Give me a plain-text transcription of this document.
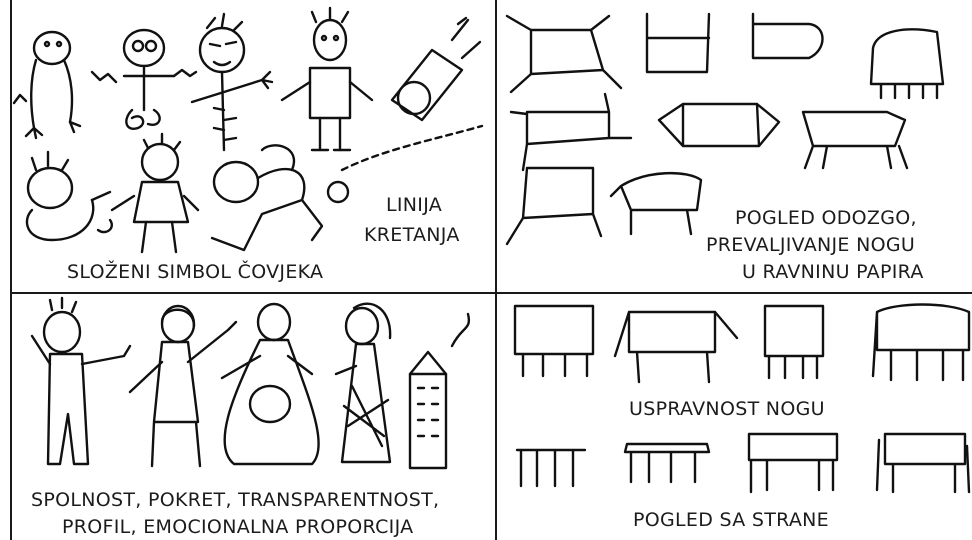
LINIJA
KRETANJA
SLOŽENI SIMBOL ČOVJEKA
POGLED ODOZGO,
PREVALJIVANJE NOGU
U RAVNINU PAPIRA
SPOLNOST, POKRET, TRANSPARENTNOST,
PROFIL, EMOCIONALNA PROPORCIJA
USPRAVNOST NOGU
POGLED SA STRANE
